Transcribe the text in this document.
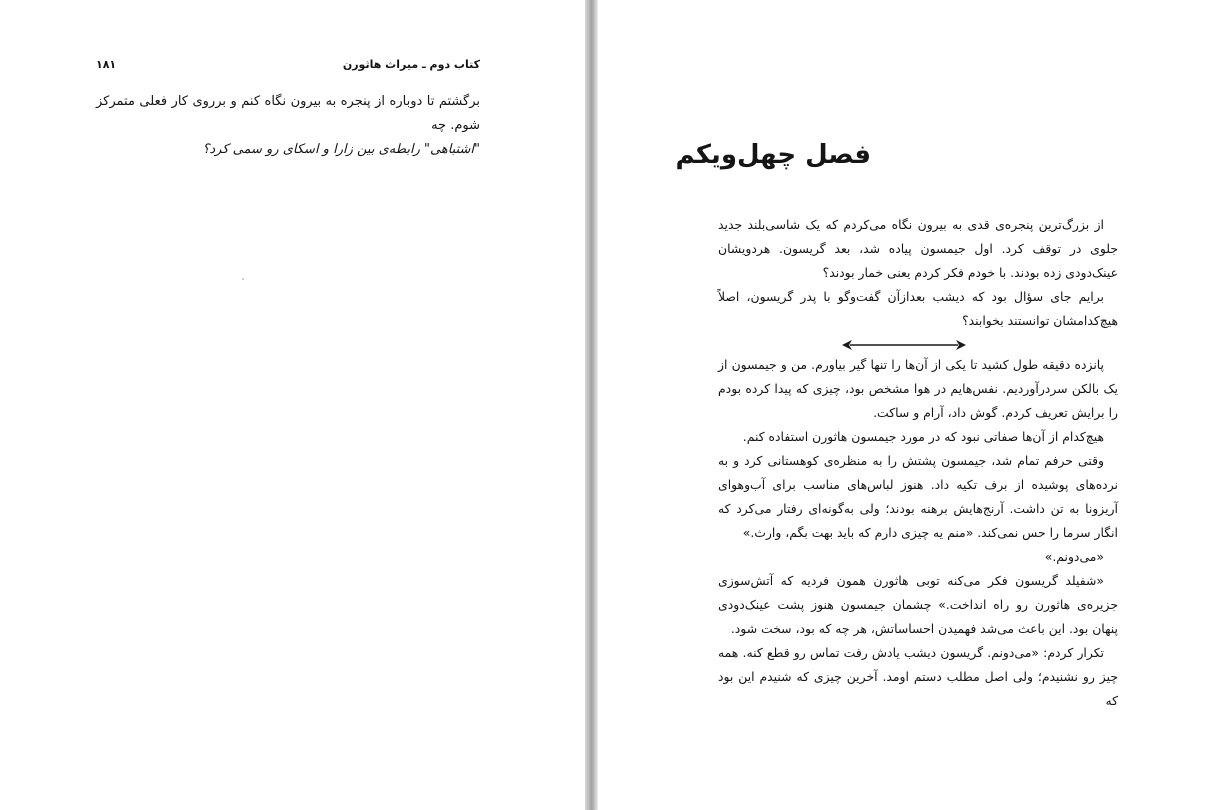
کتاب دوم ـ میراث هاثورن
۱۸۱

برگشتم تا دوباره از پنجره به بیرون نگاه کنم و برروی کار فعلی متمرکز شوم. چه

"اشتباهی" رابطه‌ی بین زارا و اسکای رو سمی کرد؟	فصل چهل‌ویکم

از بزرگ‌ترین پنجره‌ی قدی به بیرون نگاه می‌کردم که یک شاسی‌بلند جدید جلوی در توقف کرد. اول جیمسون پیاده شد، بعد گریسون. هردویشان عینک‌دودی زده بودند. با خودم فکر کردم یعنی خمار بودند؟

برایم جای سؤال بود که دیشب بعدازآن گفت‌وگو با پدر گریسون، اصلاً هیچ‌کدامشان توانستند بخوابند؟

پانزده دقیقه طول کشید تا یکی از آن‌ها را تنها گیر بیاورم. من و جیمسون از یک بالکن سردرآوردیم. نفس‌هایم در هوا مشخص بود، چیزی که پیدا کرده بودم را برایش تعریف کردم. گوش داد، آرام و ساکت.

هیچ‌کدام از آن‌ها صفاتی نبود که در مورد جیمسون هاثورن استفاده کنم.

وقتی حرفم تمام شد، جیمسون پشتش را به منظره‌ی کوهستانی کرد و به نرده‌های پوشیده از برف تکیه داد. هنوز لباس‌های مناسب برای آب‌وهوای آریزونا به تن داشت. آرنج‌هایش برهنه بودند؛ ولی به‌گونه‌ای رفتار می‌کرد که انگار سرما را حس نمی‌کند. «منم یه چیزی دارم که باید بهت بگم، وارث.»

«می‌دونم.»

«شفیلد گریسون فکر می‌کنه توبی هاثورن همون فردیه که آتش‌سوزی جزیره‌ی هاثورن رو راه انداخت.» چشمان جیمسون هنوز پشت عینک‌دودی پنهان بود. این باعث می‌شد فهمیدن احساساتش، هر چه که بود، سخت شود.

تکرار کردم: «می‌دونم. گریسون دیشب یادش رفت تماس رو قطع کنه. همه چیز رو نشنیدم؛ ولی اصل مطلب دستم اومد. آخرین چیزی که شنیدم این بود که
